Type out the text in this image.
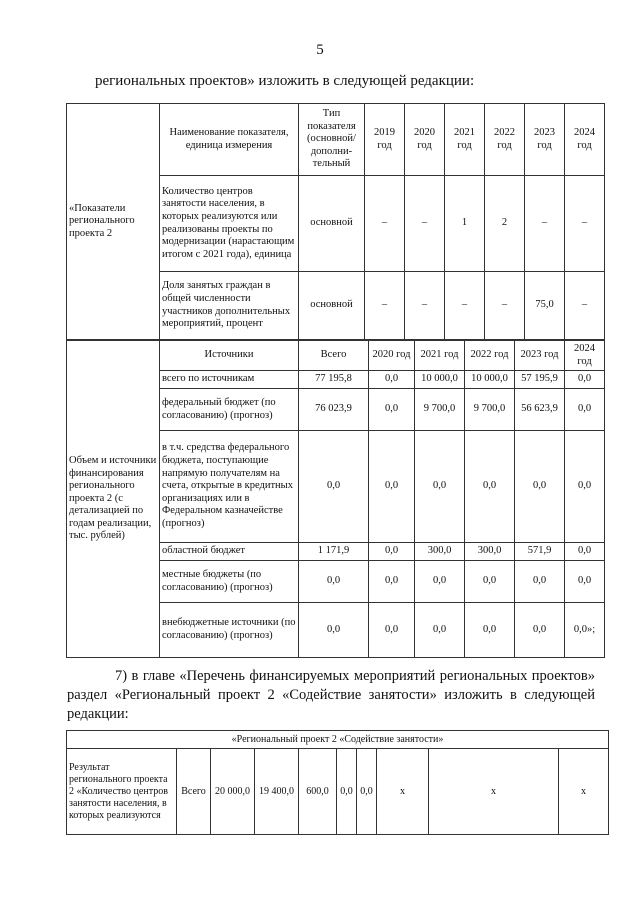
5
региональных проектов» изложить в следующей редакции:
«Показатели регионального проекта 2	Наименование показателя, единица измерения	Тип показателя (основной/ дополни-тельный	2019 год	2020 год	2021 год	2022 год	2023 год	2024 год
	Количество центров занятости населения, в которых реализуются или реализованы проекты по модернизации (нарастающим итогом с 2021 года), единица	основной	–	–	1	2	–	–
	Доля занятых граждан в общей численности участников дополнительных мероприятий, процент	основной	–	–	–	–	75,0	–
Объем и источники финансирования регионального проекта 2 (с детализацией по годам реализации, тыс. рублей)	Источники	Всего	2020 год	2021 год	2022 год	2023 год	2024 год
	всего по источникам	77 195,8	0,0	10 000,0	10 000,0	57 195,9	0,0
	федеральный бюджет (по согласованию) (прогноз)	76 023,9	0,0	9 700,0	9 700,0	56 623,9	0,0
	в т.ч. средства федерального бюджета, поступающие напрямую получателям на счета, открытые в кредитных организациях или в Федеральном казначействе (прогноз)	0,0	0,0	0,0	0,0	0,0	0,0
	областной бюджет	1 171,9	0,0	300,0	300,0	571,9	0,0
	местные бюджеты (по согласованию) (прогноз)	0,0	0,0	0,0	0,0	0,0	0,0
	внебюджетные источники (по согласованию) (прогноз)	0,0	0,0	0,0	0,0	0,0	0,0»;
7) в главе «Перечень финансируемых мероприятий региональных проектов» раздел «Региональный проект 2 «Содействие занятости» изложить в следующей редакции:
«Региональный проект 2 «Содействие занятости»
Результат регионального проекта 2 «Количество центров занятости населения, в которых реализуются	Всего	20 000,0	19 400,0	600,0	0,0	0,0	x	x	x
